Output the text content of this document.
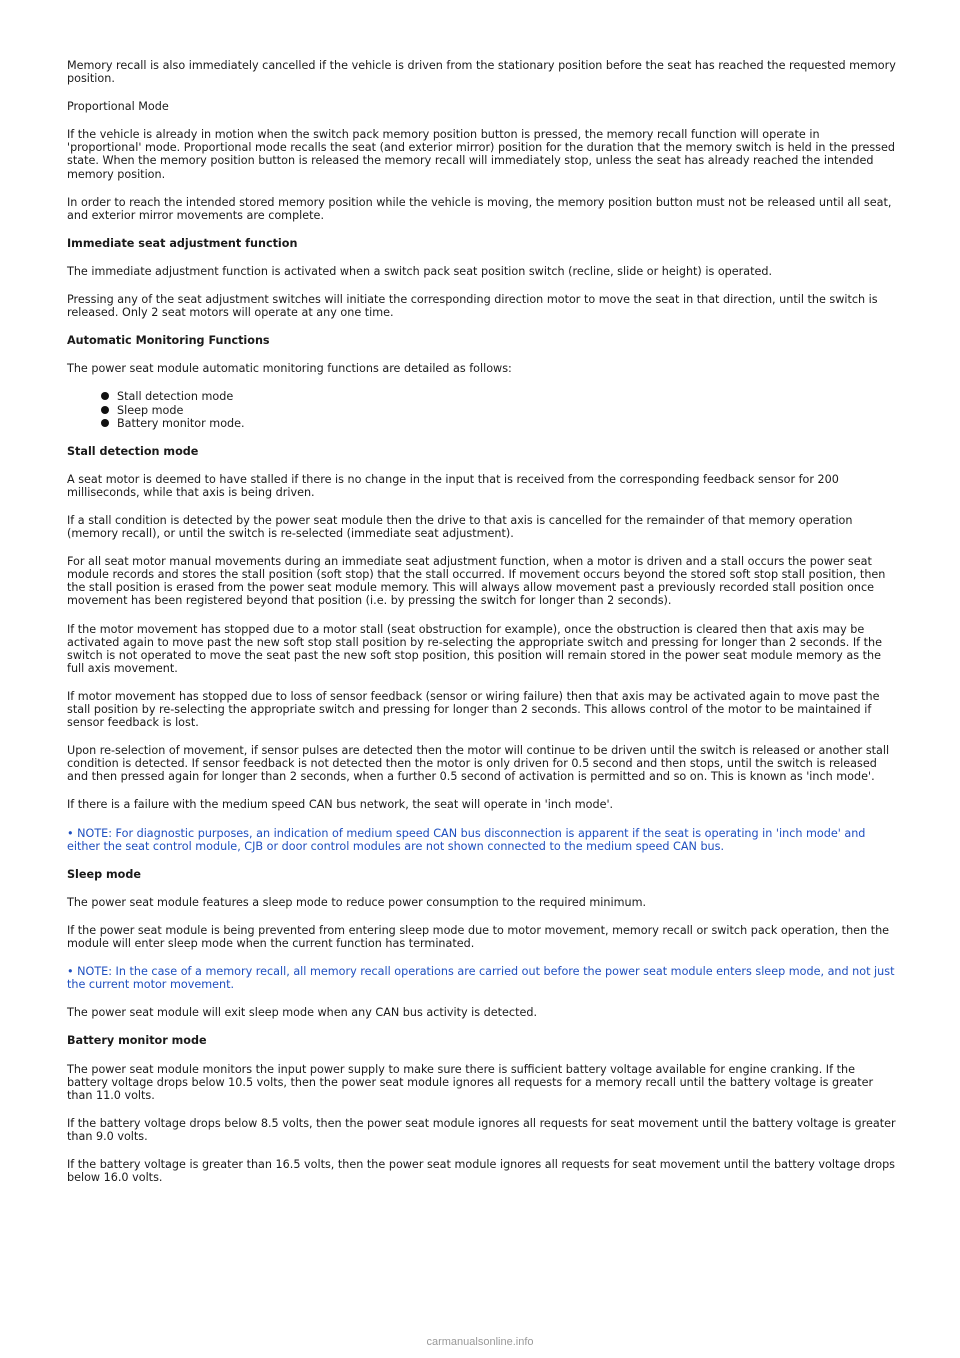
Memory recall is also immediately cancelled if the vehicle is driven from the stationary position before the seat has reached the requested memory position.

Proportional Mode

If the vehicle is already in motion when the switch pack memory position button is pressed, the memory recall function will operate in 'proportional' mode. Proportional mode recalls the seat (and exterior mirror) position for the duration that the memory switch is held in the pressed state. When the memory position button is released the memory recall will immediately stop, unless the seat has already reached the intended memory position.

In order to reach the intended stored memory position while the vehicle is moving, the memory position button must not be released until all seat, and exterior mirror movements are complete.

Immediate seat adjustment function

The immediate adjustment function is activated when a switch pack seat position switch (recline, slide or height) is operated.

Pressing any of the seat adjustment switches will initiate the corresponding direction motor to move the seat in that direction, until the switch is released. Only 2 seat motors will operate at any one time.

Automatic Monitoring Functions

The power seat module automatic monitoring functions are detailed as follows:

Stall detection mode
Sleep mode
Battery monitor mode.
Stall detection mode

A seat motor is deemed to have stalled if there is no change in the input that is received from the corresponding feedback sensor for 200 milliseconds, while that axis is being driven.

If a stall condition is detected by the power seat module then the drive to that axis is cancelled for the remainder of that memory operation (memory recall), or until the switch is re-selected (immediate seat adjustment).

For all seat motor manual movements during an immediate seat adjustment function, when a motor is driven and a stall occurs the power seat module records and stores the stall position (soft stop) that the stall occurred. If movement occurs beyond the stored soft stop stall position, then the stall position is erased from the power seat module memory. This will always allow movement past a previously recorded stall position once movement has been registered beyond that position (i.e. by pressing the switch for longer than 2 seconds).

If the motor movement has stopped due to a motor stall (seat obstruction for example), once the obstruction is cleared then that axis may be activated again to move past the new soft stop stall position by re-selecting the appropriate switch and pressing for longer than 2 seconds. If the switch is not operated to move the seat past the new soft stop position, this position will remain stored in the power seat module memory as the full axis movement.

If motor movement has stopped due to loss of sensor feedback (sensor or wiring failure) then that axis may be activated again to move past the stall position by re-selecting the appropriate switch and pressing for longer than 2 seconds. This allows control of the motor to be maintained if sensor feedback is lost.

Upon re-selection of movement, if sensor pulses are detected then the motor will continue to be driven until the switch is released or another stall condition is detected. If sensor feedback is not detected then the motor is only driven for 0.5 second and then stops, until the switch is released and then pressed again for longer than 2 seconds, when a further 0.5 second of activation is permitted and so on. This is known as 'inch mode'.

If there is a failure with the medium speed CAN bus network, the seat will operate in 'inch mode'.

• NOTE: For diagnostic purposes, an indication of medium speed CAN bus disconnection is apparent if the seat is operating in 'inch mode' and either the seat control module, CJB or door control modules are not shown connected to the medium speed CAN bus.

Sleep mode

The power seat module features a sleep mode to reduce power consumption to the required minimum.

If the power seat module is being prevented from entering sleep mode due to motor movement, memory recall or switch pack operation, then the module will enter sleep mode when the current function has terminated.

• NOTE: In the case of a memory recall, all memory recall operations are carried out before the power seat module enters sleep mode, and not just the current motor movement.

The power seat module will exit sleep mode when any CAN bus activity is detected.

Battery monitor mode

The power seat module monitors the input power supply to make sure there is sufficient battery voltage available for engine cranking. If the battery voltage drops below 10.5 volts, then the power seat module ignores all requests for a memory recall until the battery voltage is greater than 11.0 volts.

If the battery voltage drops below 8.5 volts, then the power seat module ignores all requests for seat movement until the battery voltage is greater than 9.0 volts.

If the battery voltage is greater than 16.5 volts, then the power seat module ignores all requests for seat movement until the battery voltage drops below 16.0 volts.

carmanualsonline.info
